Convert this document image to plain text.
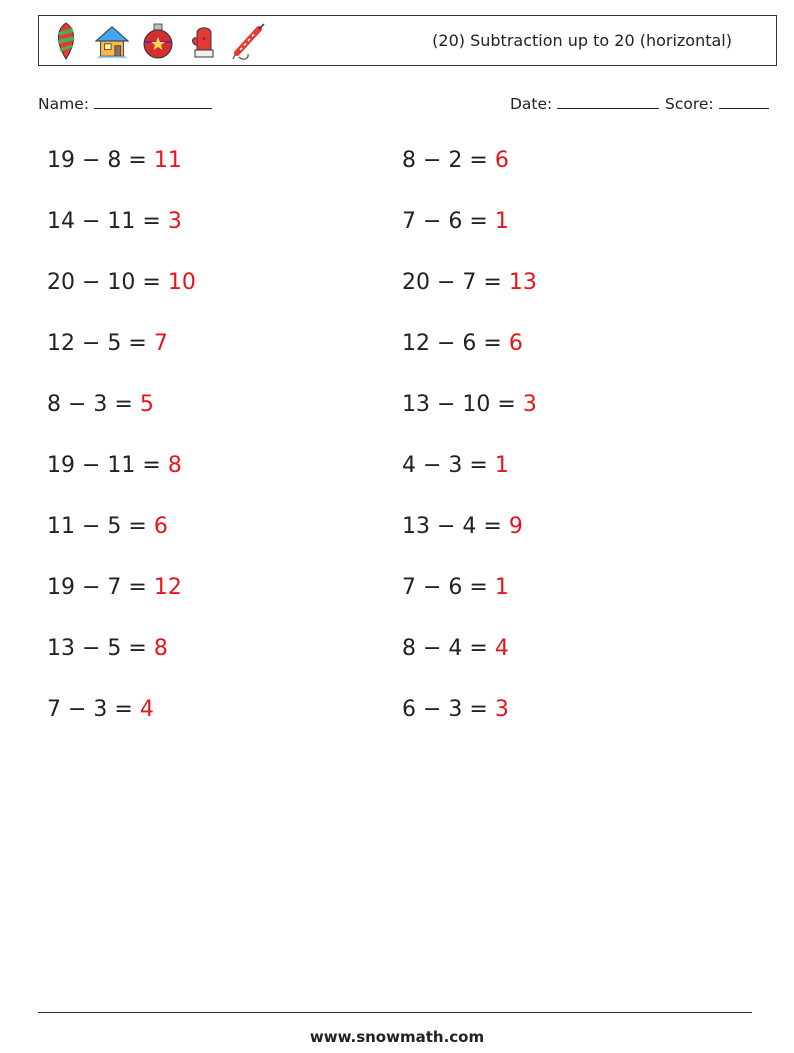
*	(20) Subtraction up to 20 (horizontal)
Name:	Date:	Score:
19 − 8 = 11
14 − 11 = 3
20 − 10 = 10
12 − 5 = 7
8 − 3 = 5
19 − 11 = 8
11 − 5 = 6
19 − 7 = 12
13 − 5 = 8
7 − 3 = 4
8 − 2 = 6
7 − 6 = 1
20 − 7 = 13
12 − 6 = 6
13 − 10 = 3
4 − 3 = 1
13 − 4 = 9
7 − 6 = 1
8 − 4 = 4
6 − 3 = 3
www.snowmath.com
